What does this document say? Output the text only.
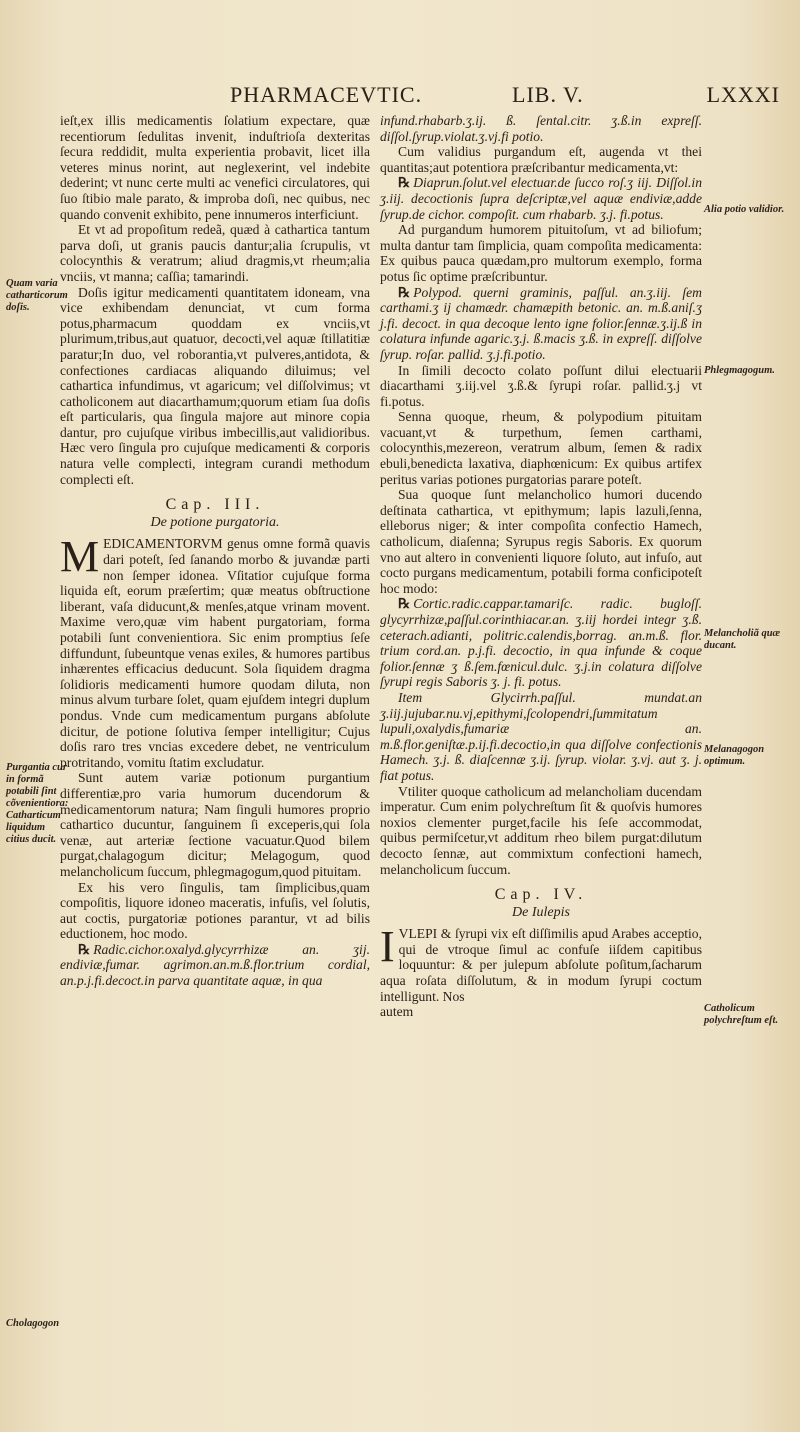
PHARMACEVTIC.	LIB. V.	LXXXI

ieſt,ex illis medicamentis ſolatium expectare, quæ recentiorum ſedulitas invenit, induſtrioſa dexteritas ſecura reddidit, multa experientia probavit, licet illa veteres minus norint, aut neglexerint, vel indebite dederint; vt nunc certe multi ac venefici circulatores, qui ſuo ſtibio male parato, & improba doſi, nec quibus, nec quando convenit exhibito, pene innumeros interficiunt.

Et vt ad propoſitum redeã, quæd à cathartica tantum parva doſi, ut granis paucis dantur;alia ſcrupulis, vt colocynthis & veratrum; aliud dragmis,vt rheum;alia vnciis, vt manna; caſſia; tamarindi.

Doſis igitur medicamenti quantitatem idoneam, vna vice exhibendam denunciat, vt cum forma potus,pharmacum quoddam ex vnciis,vt plurimum,tribus,aut quatuor, decocti,vel aquæ ſtillatitiæ paratur;In duo, vel roborantia,vt pulveres,antidota, & confectiones cardiacas aliquando diluimus; vel cathartica infundimus, vt agaricum; vel diſſolvimus; vt catholiconem aut diacarthamum;quorum etiam ſua doſis eſt particularis, qua ſingula majore aut minore copia dantur, pro cujuſque viribus imbecillis,aut validioribus. Hæc vero ſingula pro cujuſque medicamenti & corporis natura velle complecti, integram curandi methodum complecti eſt.

Cap. III.
De potione purgatoria.

MEDICAMENTORVM genus omne formã quavis dari poteſt, ſed ſanando morbo & juvandæ parti non ſemper idonea. Vſitatior cujuſque forma liquida eſt, eorum præſertim; quæ meatus obſtructione liberant, vaſa diducunt,& menſes,atque vrinam movent. Maxime vero,quæ vim habent purgatoriam, forma potabili ſunt convenientiora. Sic enim promptius ſeſe diffundunt, ſubeuntque venas exiles, & humores partibus inhærentes efficacius deducunt. Sola ſiquidem dragma ſolidioris medicamenti humore quodam diluta, non minus alvum turbare ſolet, quam ejuſdem integri duplum pondus. Vnde cum medicamentum purgans abſolute dicitur, de potione ſolutiva ſemper intelligitur; Cujus doſis raro tres vncias excedere debet, ne ventriculum protritando, vomitu ſtatim excludatur.

Sunt autem variæ potionum purgantium differentiæ,pro varia humorum ducendorum & medicamentorum natura; Nam ſinguli humores proprio cathartico ducuntur, ſanguinem ſi exceperis,qui ſola venæ, aut arteriæ ſectione vacuatur.Quod bilem purgat,chalagogum dicitur; Melagogum, quod melancholicum ſuccum, phlegmagogum,quod pituitam.

Ex his vero ſingulis, tam ſimplicibus,quam compoſitis, liquore idoneo maceratis, infuſis, vel ſolutis, aut coctis, purgatoriæ potiones parantur, vt ad bilis eductionem, hoc modo.

℞ Radic.cichor.oxalyd.glycyrrhizæ an. ʒij. endiviæ,fumar. agrimon.an.m.ß.flor.trium cordial, an.p.j.fi.decoct.in parva quantitate aquæ, in qua

infund.rhabarb.ʒ.ij. ß. ſental.citr. ʒ.ß.in expreſſ. diſſol.ſyrup.violat.ʒ.vj.fi potio.

Cum validius purgandum eſt, augenda vt thei quantitas;aut potentiora præſcribantur medicamenta,vt:

℞ Diaprun.ſolut.vel electuar.de ſucco roſ.ʒ iij. Diſſol.in ʒ.iij. decoctionis ſupra deſcriptæ,vel aquæ endiviæ,adde ſyrup.de cichor. compoſit. cum rhabarb. ʒ.j. fi.potus.

Ad purgandum humorem pituitoſum, vt ad biliofum; multa dantur tam ſimplicia, quam compoſita medicamenta: Ex quibus pauca quædam,pro multorum exemplo, forma potus ſic optime præſcribuntur.

℞ Polypod. querni graminis, paſſul. an.ʒ.iij. ſem carthami.ʒ ij chamædr. chamæpith betonic. an. m.ß.aniſ.ʒ j.fi. decoct. in qua decoque lento igne folior.ſennæ.ʒ.ij.ß in colatura infunde agaric.ʒ.j. ß.macis ʒ.ß. in expreſſ. diſſolve ſyrup. roſar. pallid. ʒ.j.fi.potio.

In ſimili decocto colato poſſunt dilui electuarii diacarthami ʒ.iij.vel ʒ.ß.& ſyrupi roſar. pallid.ʒ.j vt fi.potus.

Senna quoque, rheum, & polypodium pituitam vacuant,vt & turpethum, ſemen carthami, colocynthis,mezereon, veratrum album, ſemen & radix ebuli,benedicta laxativa, diaphœnicum: Ex quibus artifex peritus varias potiones purgatorias parare poteſt.

Sua quoque ſunt melancholico humori ducendo deſtinata cathartica, vt epithymum; lapis lazuli,ſenna, elleborus niger; & inter compoſita confectio Hamech, catholicum, diaſenna; Syrupus regis Saboris. Ex quorum vno aut altero in convenienti liquore ſoluto, aut infuſo, aut cocto purgans medicamentum, potabili forma conficipoteſt hoc modo:

℞ Cortic.radic.cappar.tamariſc. radic. bugloſſ. glycyrrhizæ,paſſul.corinthiacar.an. ʒ.iij hordei integr ʒ.ß. ceterach.adianti, politric.calendis,borrag. an.m.ß. flor. trium cord.an. p.j.fi. decoctio, in qua infunde & coque folior.ſennæ ʒ ß.ſem.fœnicul.dulc. ʒ.j.in colatura diſſolve ſyrupi regis Saboris ʒ. j. fi. potus.

Item Glycirrh.paſſul. mundat.an ʒ.iij.jujubar.nu.vj,epithymi,ſcolopendri,ſummitatum lupuli,oxalydis,fumariæ an. m.ß.flor.geniſtæ.p.ij.fi.decoctio,in qua diſſolve confectionis Hamech. ʒ.j. ß. diaſcennæ ʒ.ij. ſyrup. violar. ʒ.vj. aut ʒ. j. fiat potus.

Vtiliter quoque catholicum ad melancholiam ducendam imperatur. Cum enim polychreſtum ſit & quoſvis humores noxios clementer purget,facile his ſeſe accommodat, quibus permiſcetur,vt additum rheo bilem purgat:dilutum decocto ſennæ, aut commixtum confectioni hamech, melancholicum ſuccum.

Cap. IV.
De Iulepis

IVLEPI & ſyrupi vix eſt diſſimilis apud Arabes acceptio, qui de vtroque ſimul ac confuſe iiſdem capitibus loquuntur: & per julepum abſolute poſitum,ſacharum aqua roſata diſſolutum, & in modum ſyrupi coctum intelligunt. Nos

autem

Quam varia catharticorum doſis.
Purgantia cur in formã potabili ſint cõvenientiora: Catharticum liquidum citius ducit.
Cholagogon
Alia potio validior.
Phlegmagogum.
Melancholiã quæ ducant.
Melanagogon optimum.
Catholicum polychreſtum eſt.
